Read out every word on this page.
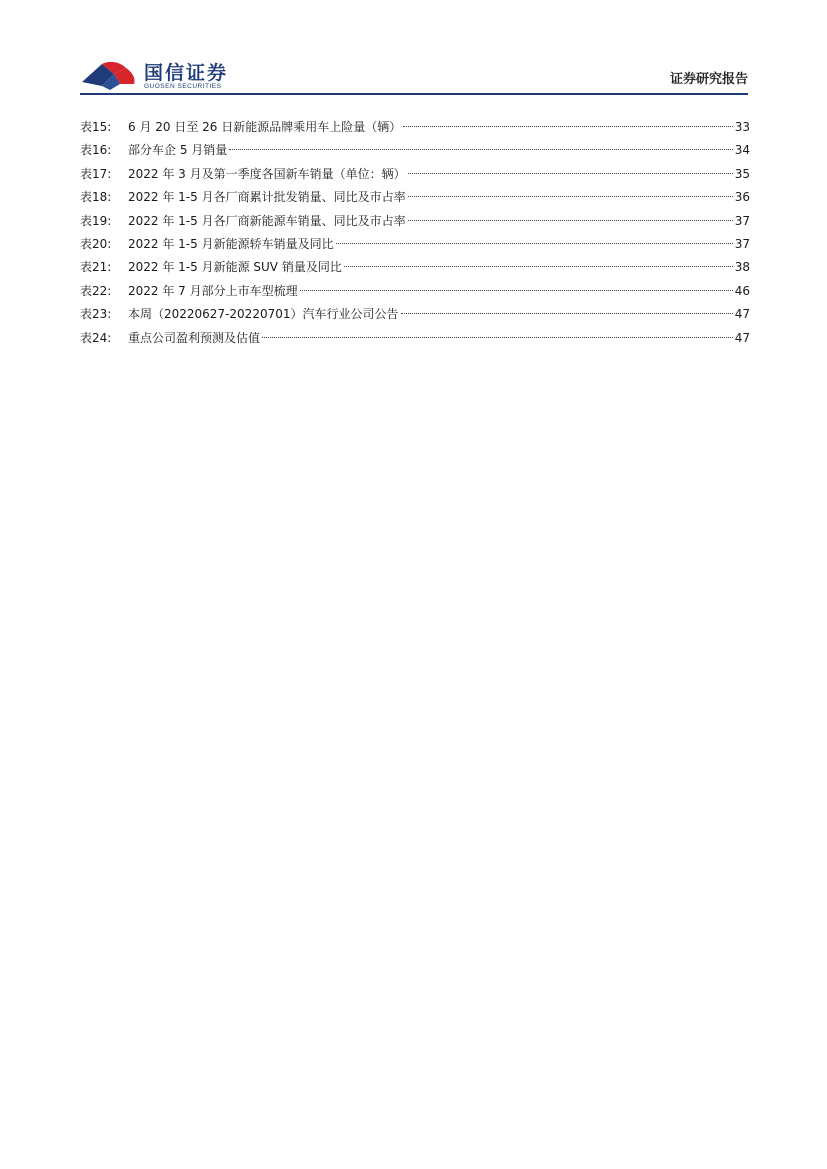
国信证券
GUOSEN SECURITIES	证券研究报告
表15:	6 月 20 日至 26 日新能源品牌乘用车上险量（辆）	33
表16:	部分车企 5 月销量	34
表17:	2022 年 3 月及第一季度各国新车销量（单位：辆）	35
表18:	2022 年 1-5 月各厂商累计批发销量、同比及市占率	36
表19:	2022 年 1-5 月各厂商新能源车销量、同比及市占率	37
表20:	2022 年 1-5 月新能源轿车销量及同比	37
表21:	2022 年 1-5 月新能源 SUV 销量及同比	38
表22:	2022 年 7 月部分上市车型梳理	46
表23:	本周（20220627-20220701）汽车行业公司公告	47
表24:	重点公司盈利预测及估值	47
